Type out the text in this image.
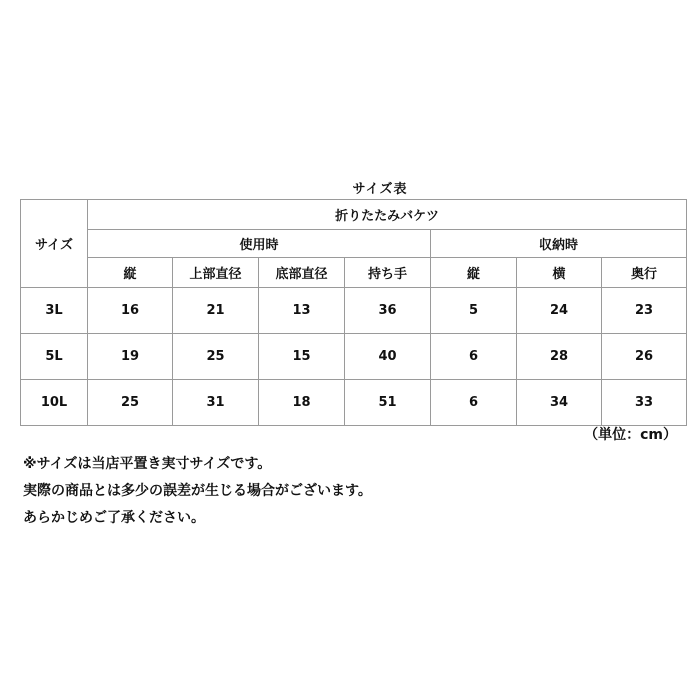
サイズ表
サイズ	折りたたみバケツ						
	使用時				収納時		
	縦	上部直径	底部直径	持ち手	縦	横	奥行
3L	16	21	13	36	5	24	23
5L	19	25	15	40	6	28	26
10L	25	31	18	51	6	34	33
（単位：cm）
※サイズは当店平置き実寸サイズです。
実際の商品とは多少の誤差が生じる場合がございます。
あらかじめご了承ください。
